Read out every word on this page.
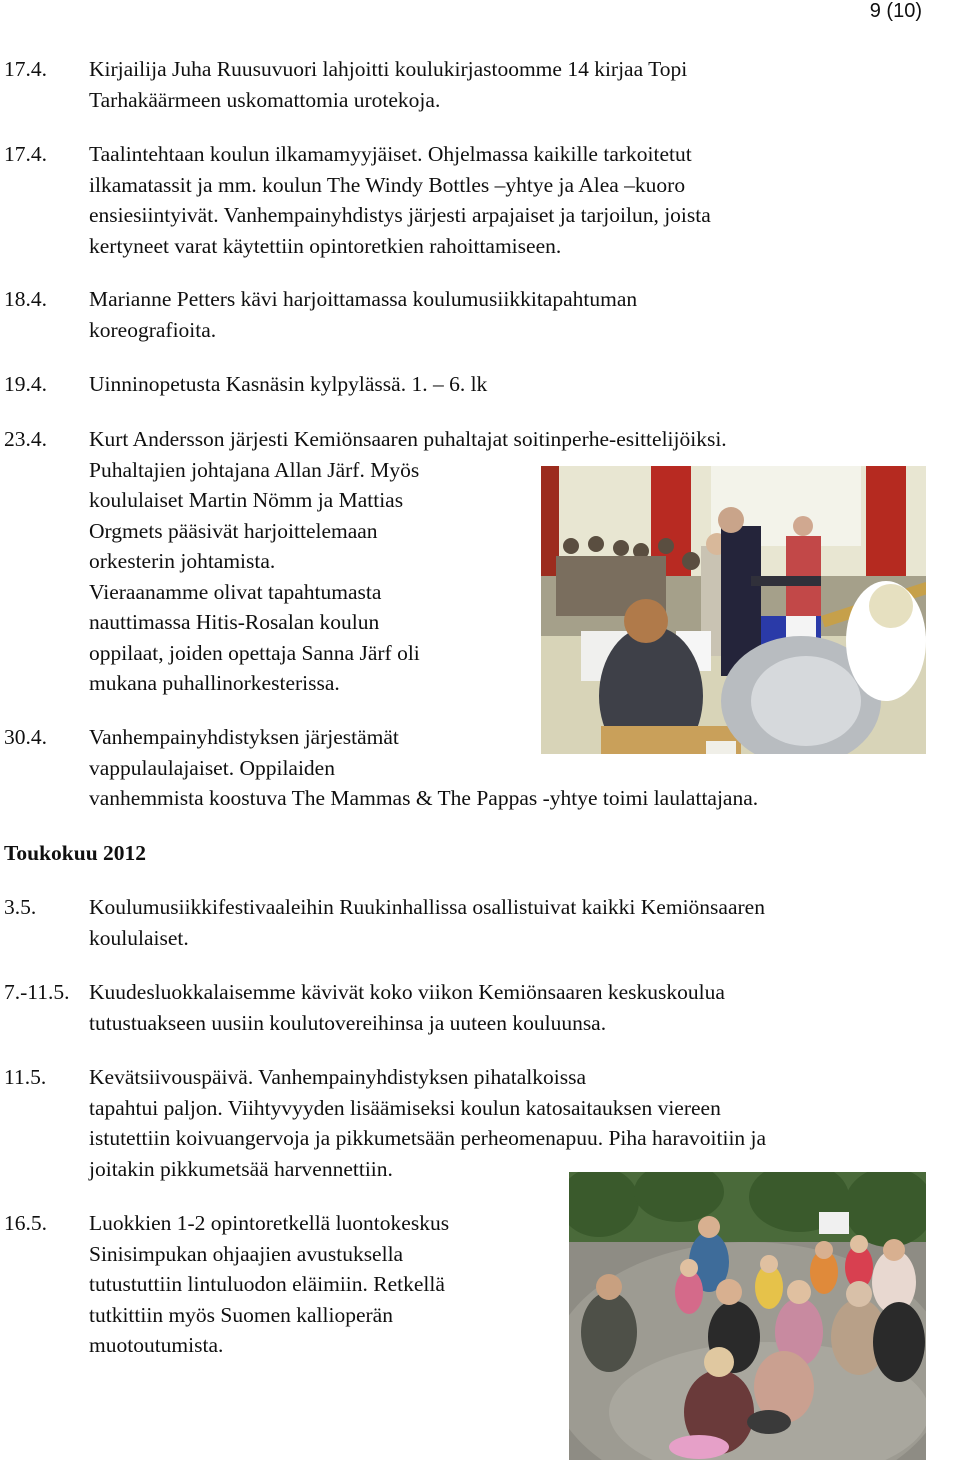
9 (10)
17.4. Kirjailija Juha Ruusuvuori lahjoitti koulukirjastoomme 14 kirjaa Topi
Tarhakäärmeen uskomattomia urotekoja.
17.4. Taalintehtaan koulun ilkamamyyjäiset. Ohjelmassa kaikille tarkoitetut
ilkamatassit ja mm. koulun The Windy Bottles –yhtye ja Alea –kuoro
ensiesiintyivät. Vanhempainyhdistys järjesti arpajaiset ja tarjoilun, joista
kertyneet varat käytettiin opintoretkien rahoittamiseen.
18.4. Marianne Petters kävi harjoittamassa koulumusiikkitapahtuman
koreografioita.
19.4. Uinninopetusta Kasnäsin kylpylässä. 1. – 6. lk
23.4. Kurt Andersson järjesti Kemiönsaaren puhaltajat soitinperhe-esittelijöiksi.
Puhaltajien johtajana Allan Järf. Myös
koululaiset Martin Nömm ja Mattias
Orgmets pääsivät harjoittelemaan
orkesterin johtamista.
Vieraanamme olivat tapahtumasta
nauttimassa Hitis-Rosalan koulun
oppilaat, joiden opettaja Sanna Järf oli
mukana puhallinorkesterissa.
30.4. Vanhempainyhdistyksen järjestämät
vappulaulajaiset. Oppilaiden
vanhemmista koostuva The Mammas & The Pappas -yhtye toimi laulattajana.
Toukokuu 2012
3.5. Koulumusiikkifestivaaleihin Ruukinhallissa osallistuivat kaikki Kemiönsaaren
koululaiset.
7.-11.5. Kuudesluokkalaisemme kävivät koko viikon Kemiönsaaren keskuskoulua
tutustuakseen uusiin koulutovereihinsa ja uuteen kouluunsa.
11.5. Kevätsiivouspäivä. Vanhempainyhdistyksen pihatalkoissa
tapahtui paljon. Viihtyvyyden lisäämiseksi koulun katosaitauksen viereen
istutettiin koivuangervoja ja pikkumetsään perheomenapuu. Piha haravoitiin ja
joitakin pikkumetsää harvennettiin.
16.5. Luokkien 1-2 opintoretkellä luontokeskus
Sinisimpukan ohjaajien avustuksella
tutustuttiin lintuluodon eläimiin. Retkellä
tutkittiin myös Suomen kallioperän
muotoutumista.
